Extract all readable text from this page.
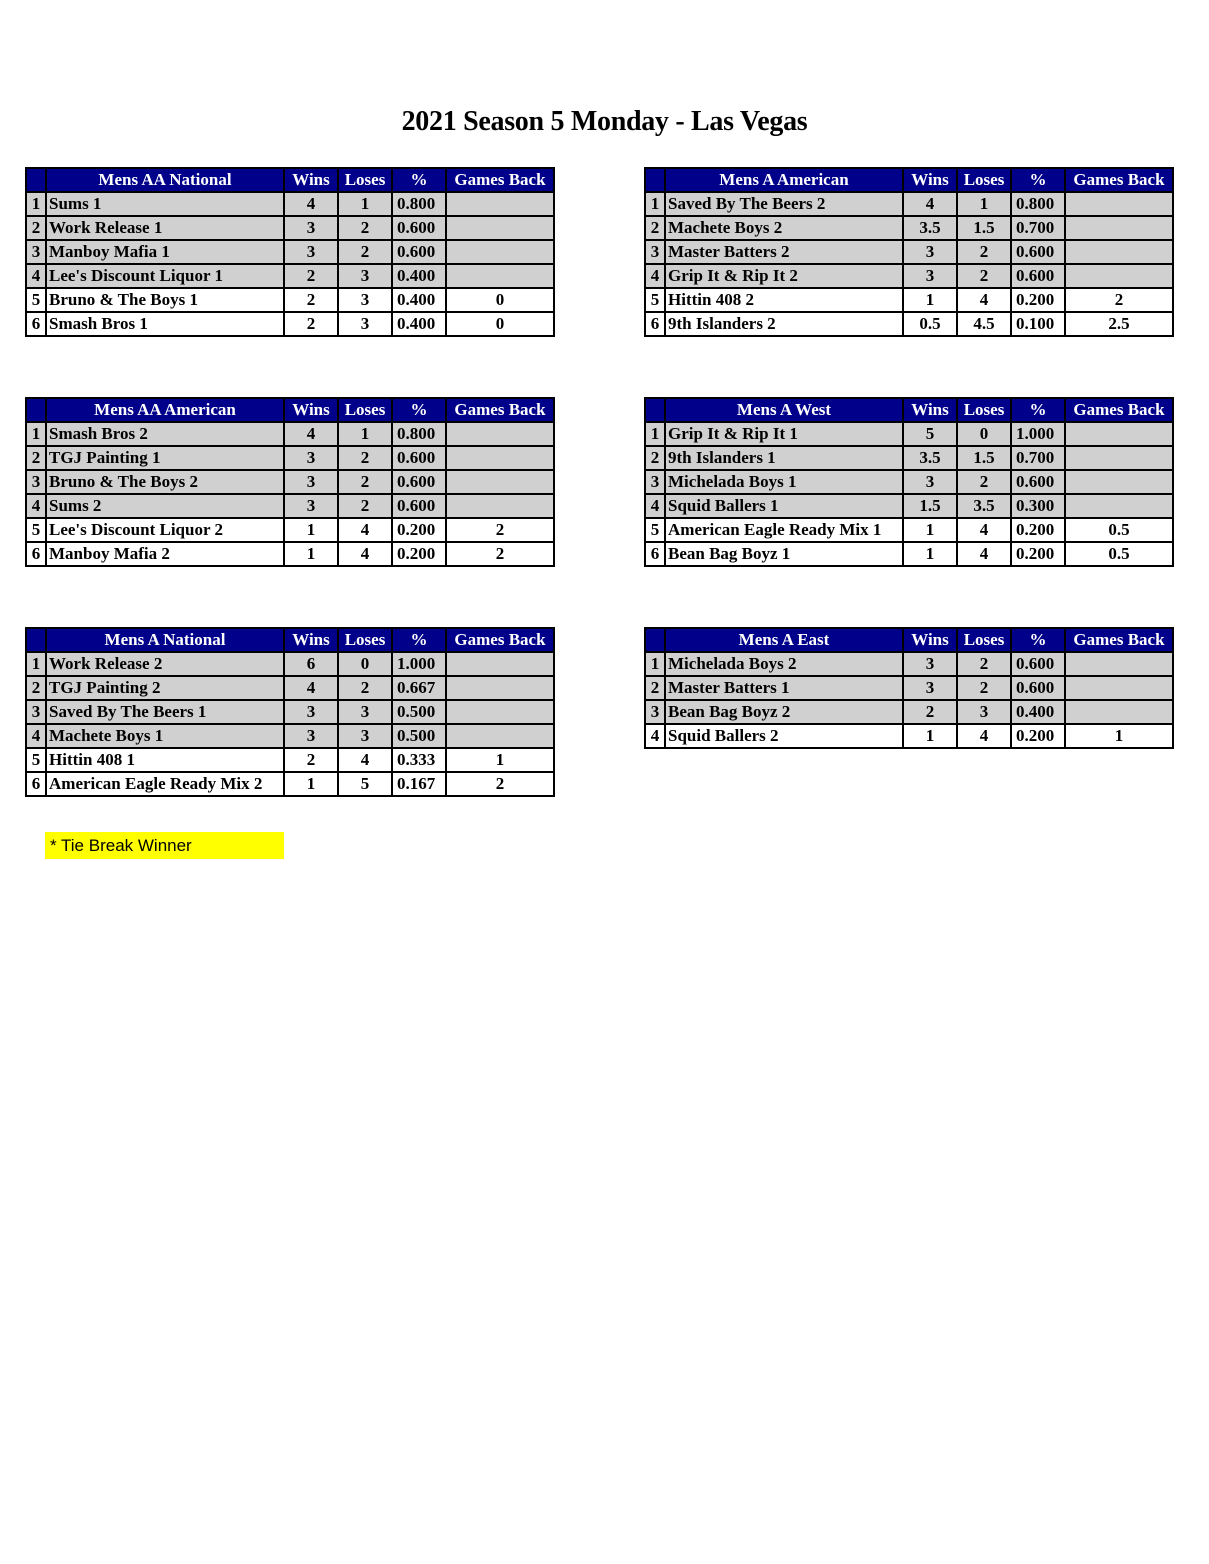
2021 Season 5 Monday - Las Vegas
	Mens AA National	Wins	Loses	%	Games Back
1	Sums 1	4	1	0.800	
2	Work Release 1	3	2	0.600	
3	Manboy Mafia 1	3	2	0.600	
4	Lee's Discount Liquor 1	2	3	0.400	
5	Bruno & The Boys 1	2	3	0.400	0
6	Smash Bros 1	2	3	0.400	0
	Mens A American	Wins	Loses	%	Games Back
1	Saved By The Beers 2	4	1	0.800	
2	Machete Boys 2	3.5	1.5	0.700	
3	Master Batters 2	3	2	0.600	
4	Grip It & Rip It 2	3	2	0.600	
5	Hittin 408 2	1	4	0.200	2
6	9th Islanders 2	0.5	4.5	0.100	2.5
	Mens AA American	Wins	Loses	%	Games Back
1	Smash Bros 2	4	1	0.800	
2	TGJ Painting 1	3	2	0.600	
3	Bruno & The Boys 2	3	2	0.600	
4	Sums 2	3	2	0.600	
5	Lee's Discount Liquor 2	1	4	0.200	2
6	Manboy Mafia 2	1	4	0.200	2
	Mens A West	Wins	Loses	%	Games Back
1	Grip It & Rip It 1	5	0	1.000	
2	9th Islanders 1	3.5	1.5	0.700	
3	Michelada Boys 1	3	2	0.600	
4	Squid Ballers 1	1.5	3.5	0.300	
5	American Eagle Ready Mix 1	1	4	0.200	0.5
6	Bean Bag Boyz 1	1	4	0.200	0.5
	Mens A National	Wins	Loses	%	Games Back
1	Work Release 2	6	0	1.000	
2	TGJ Painting 2	4	2	0.667	
3	Saved By The Beers 1	3	3	0.500	
4	Machete Boys 1	3	3	0.500	
5	Hittin 408 1	2	4	0.333	1
6	American Eagle Ready Mix 2	1	5	0.167	2
	Mens A East	Wins	Loses	%	Games Back
1	Michelada Boys 2	3	2	0.600	
2	Master Batters 1	3	2	0.600	
3	Bean Bag Boyz 2	2	3	0.400	
4	Squid Ballers 2	1	4	0.200	1
* Tie Break Winner
